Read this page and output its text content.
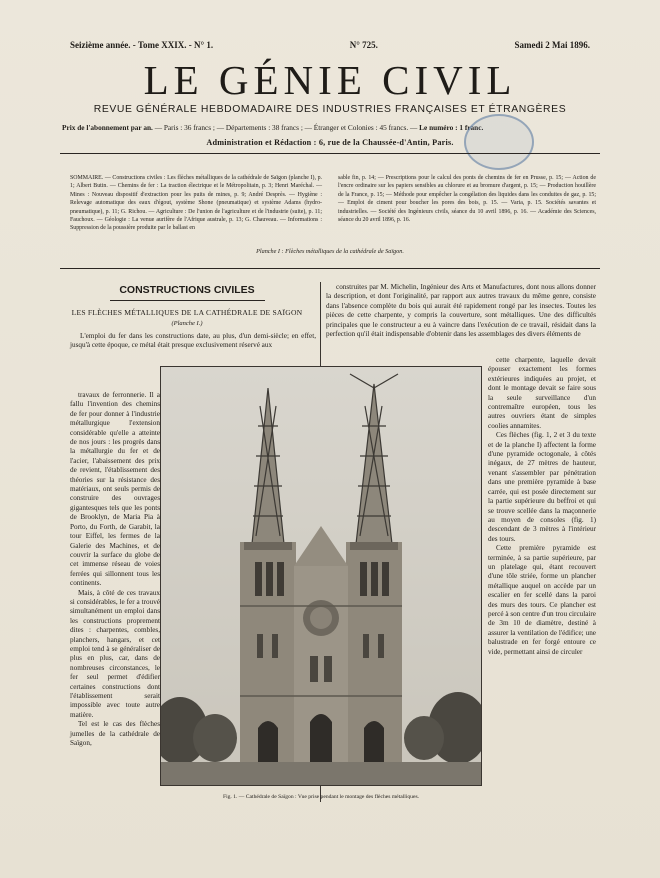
Seizième année. - Tome XXIX. - N° 1.	N° 725.	Samedi 2 Mai 1896.
LE GÉNIE CIVIL
REVUE GÉNÉRALE HEBDOMADAIRE DES INDUSTRIES FRANÇAISES ET ÉTRANGÈRES
Prix de l'abonnement par an. — Paris : 36 francs ; — Départements : 38 francs ; — Étranger et Colonies : 45 francs. — Le numéro : 1 franc.
Administration et Rédaction : 6, rue de la Chaussée-d'Antin, Paris.
SOMMAIRE. — Constructions civiles : Les flèches métalliques de la cathédrale de Saïgon (planche I), p. 1; Albert Butin. — Chemins de fer : La traction électrique et le Métropolitain, p. 3; Henri Maréchal. — Mines : Nouveau dispositif d'extraction pour les puits de mines, p. 9; André Desprès. — Hygiène : Relevage automatique des eaux d'égout, système Shone (pneumatique) et système Adams (hydro-pneumatique), p. 11; G. Richou. — Agriculture : De l'union de l'agriculture et de l'industrie (suite), p. 11; Fauchoux. — Géologie : La venue aurifère de l'Afrique australe, p. 13; G. Chauveau. — Informations : Suppression de la poussière produite par le ballast en
sable fin, p. 14; — Prescriptions pour le calcul des ponts de chemins de fer en Prusse, p. 15; — Action de l'encre ordinaire sur les papiers sensibles au chlorure et au bromure d'argent, p. 15; — Production houillère de la France, p. 15; — Méthode pour empêcher la congélation des liquides dans les conduites de gaz, p. 15; — Emploi de ciment pour boucher les pores des bois, p. 15. — Varia, p. 15. Sociétés savantes et industrielles. — Société des Ingénieurs civils, séance du 10 avril 1896, p. 16. — Académie des Sciences, séance du 20 avril 1896, p. 16.
Planche I : Flèches métalliques de la cathédrale de Saïgon.
CONSTRUCTIONS CIVILES
LES FLÈCHES MÉTALLIQUES DE LA CATHÉDRALE DE SAÏGON
(Planche I.)
L'emploi du fer dans les constructions date, au plus, d'un demi-siècle; en effet, jusqu'à cette époque, ce métal était presque exclusivement réservé aux

travaux de ferronnerie. Il a fallu l'invention des chemins de fer pour donner à l'industrie métallurgique l'extension considérable qu'elle a atteinte de nos jours : les progrès dans la métallurgie du fer et de l'acier, l'abaissement des prix de revient, l'établissement des théories sur la résistance des matériaux, ont seuls permis de construire des ouvrages gigantesques tels que les ponts de Brooklyn, de Maria Pia à Porto, du Forth, de Garabit, la tour Eiffel, les fermes de la Galerie des Machines, et de couvrir la surface du globe de cet immense réseau de voies ferrées qui sillonnent tous les continents.

Mais, à côté de ces travaux si considérables, le fer a trouvé simultanément un emploi dans les constructions proprement dites : charpentes, combles, planchers, hangars, et cet emploi tend à se généraliser de plus en plus, car, dans de nombreuses circonstances, le fer seul permet d'édifier certaines constructions dont l'établissement serait impossible avec toute autre matière.

Tel est le cas des flèches jumelles de la cathédrale de Saïgon,

construites par M. Michelin, Ingénieur des Arts et Manufactures, dont nous allons donner la description, et dont l'originalité, par rapport aux autres travaux du même genre, consiste dans l'absence complète du bois qui aurait été rapidement rongé par les insectes. Toutes les pièces de cette charpente, y compris la couverture, sont métalliques. Une des difficultés principales que le constructeur a eu à vaincre dans l'exécution de ce travail, résidait dans la perfection qu'il était indispensable d'obtenir dans les assemblages des divers éléments de

cette charpente, laquelle devait épouser exactement les formes extérieures indiquées au projet, et dont le montage devait se faire sous la seule surveillance d'un contremaître européen, tous les autres ouvriers étant de simples coolies annamites.

Ces flèches (fig. 1, 2 et 3 du texte et de la planche I) affectent la forme d'une pyramide octogonale, à côtés inégaux, de 27 mètres de hauteur, venant s'assembler par pénétration dans une première pyramide à base carrée, qui est posée directement sur la partie supérieure du beffroi et qui se trouve scellée dans la maçonnerie au moyen de consoles (fig. 1) descendant de 3 mètres à l'intérieur des tours.

Cette première pyramide est terminée, à sa partie supérieure, par un platelage qui, étant recouvert d'une tôle striée, forme un plancher métallique auquel on accède par un escalier en fer scellé dans la paroi des murs des tours. Ce plancher est percé à son centre d'un trou circulaire de 3m 10 de diamètre, destiné à assurer la ventilation de l'édifice; une balustrade en fer forgé entoure ce vide, permettant ainsi de circuler

Fig. 1. — Cathédrale de Saïgon : Vue prise pendant le montage des flèches métalliques.
